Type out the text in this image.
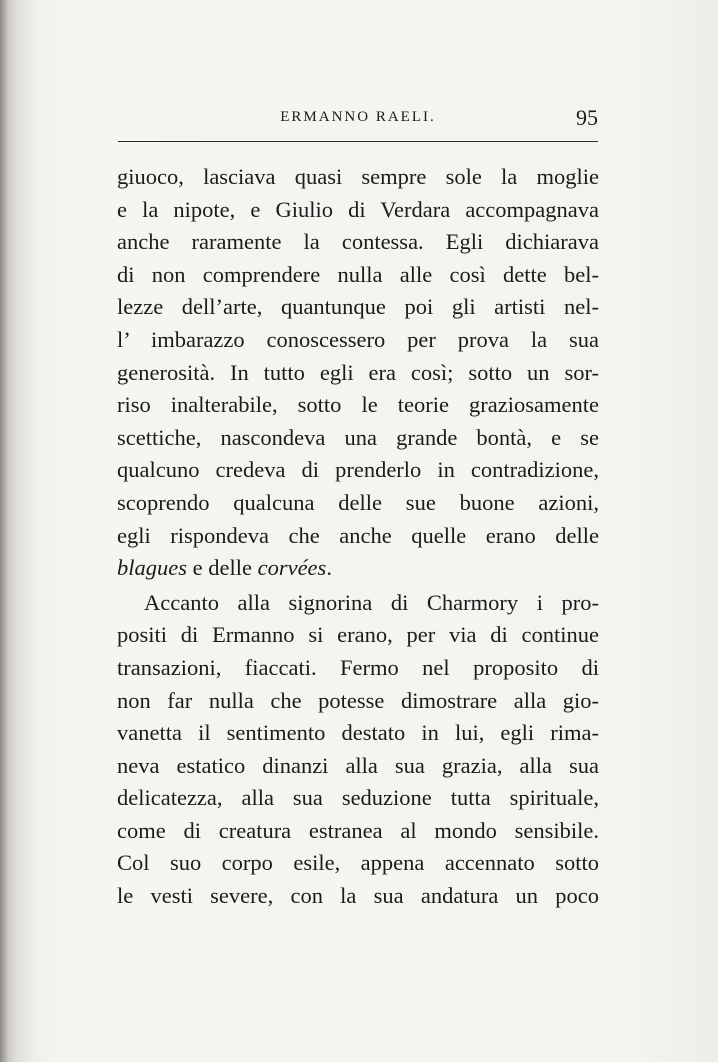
ERMANNO RAELI.	95
giuoco, lasciava quasi sempre sole la moglie
e la nipote, e Giulio di Verdara accompagnava
anche raramente la contessa. Egli dichiarava
di non comprendere nulla alle così dette bel-
lezze dell’arte, quantunque poi gli artisti nel-
l’ imbarazzo conoscessero per prova la sua
generosità. In tutto egli era così; sotto un sor-
riso inalterabile, sotto le teorie graziosamente
scettiche, nascondeva una grande bontà, e se
qualcuno credeva di prenderlo in contradizione,
scoprendo qualcuna delle sue buone azioni,
egli rispondeva che anche quelle erano delle
blagues e delle corvées.
Accanto alla signorina di Charmory i pro-
positi di Ermanno si erano, per via di continue
transazioni, fiaccati. Fermo nel proposito di
non far nulla che potesse dimostrare alla gio-
vanetta il sentimento destato in lui, egli rima-
neva estatico dinanzi alla sua grazia, alla sua
delicatezza, alla sua seduzione tutta spirituale,
come di creatura estranea al mondo sensibile.
Col suo corpo esile, appena accennato sotto
le vesti severe, con la sua andatura un poco
